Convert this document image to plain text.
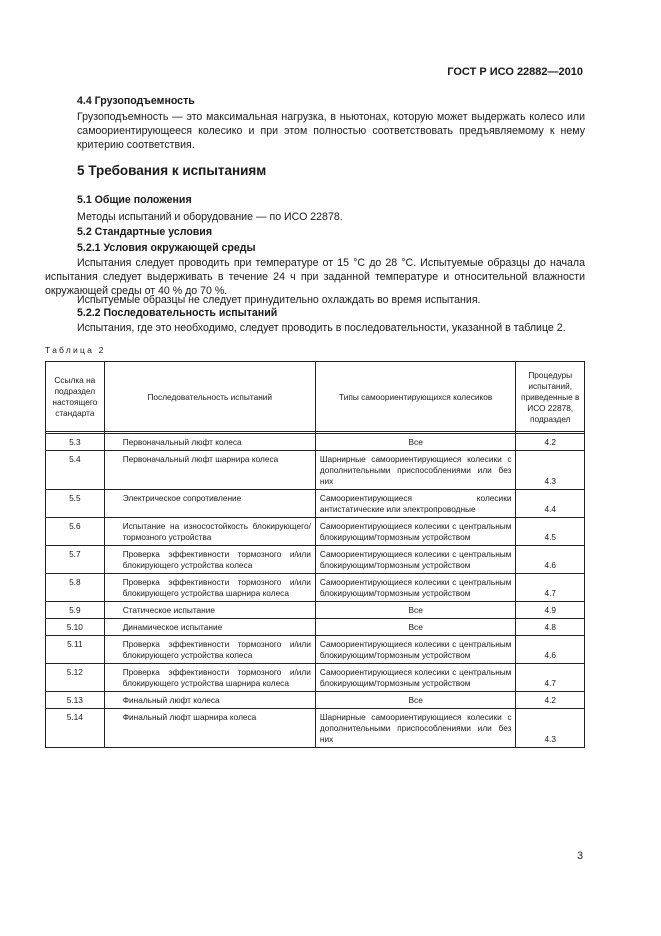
ГОСТ Р ИСО 22882—2010
4.4 Грузоподъемность
Грузоподъемность — это максимальная нагрузка, в ньютонах, которую может выдержать колесо или самоориентирующееся колесико и при этом полностью соответствовать предъявляемому к нему критерию соответствия.
5 Требования к испытаниям
5.1 Общие положения
Методы испытаний и оборудование — по ИСО 22878.
5.2 Стандартные условия
5.2.1 Условия окружающей среды
Испытания следует проводить при температуре от 15 °С до 28 °С. Испытуемые образцы до начала испытания следует выдерживать в течение 24 ч при заданной температуре и относительной влажности окружающей среды от 40 % до 70 %.
Испытуемые образцы не следует принудительно охлаждать во время испытания.
5.2.2 Последовательность испытаний
Испытания, где это необходимо, следует проводить в последовательности, указанной в таблице 2.
Таблица 2
Ссылка на подраздел настоящего стандарта	Последовательность испытаний	Типы самоориентирующихся колесиков	Процедуры испытаний, приведенные в ИСО 22878, подраздел

5.3	Первоначальный люфт колеса	Все	4.2
5.4	Первоначальный люфт шарнира колеса	Шарнирные самоориентирующиеся колесики с дополнительными приспособлениями или без них	4.3
5.5	Электрическое сопротивление	Самоориентирующиеся колесики антистатические или электропроводные	4.4
5.6	Испытание на износостойкость блокирующего/тормозного устройства	Самоориентирующиеся колесики с центральным блокирующим/тормозным устройством	4.5
5.7	Проверка эффективности тормозного и/или блокирующего устройства колеса	Самоориентирующиеся колесики с центральным блокирующим/тормозным устройством	4.6
5.8	Проверка эффективности тормозного и/или блокирующего устройства шарнира колеса	Самоориентирующиеся колесики с центральным блокирующим/тормозным устройством	4.7
5.9	Статическое испытание	Все	4.9
5.10	Динамическое испытание	Все	4.8
5.11	Проверка эффективности тормозного и/или блокирующего устройства колеса	Самоориентирующиеся колесики с центральным блокирующим/тормозным устройством	4.6
5.12	Проверка эффективности тормозного и/или блокирующего устройства шарнира колеса	Самоориентирующиеся колесики с центральным блокирующим/тормозным устройством	4.7
5.13	Финальный люфт колеса	Все	4.2
5.14	Финальный люфт шарнира колеса	Шарнирные самоориентирующиеся колесики с дополнительными приспособлениями или без них	4.3
3
